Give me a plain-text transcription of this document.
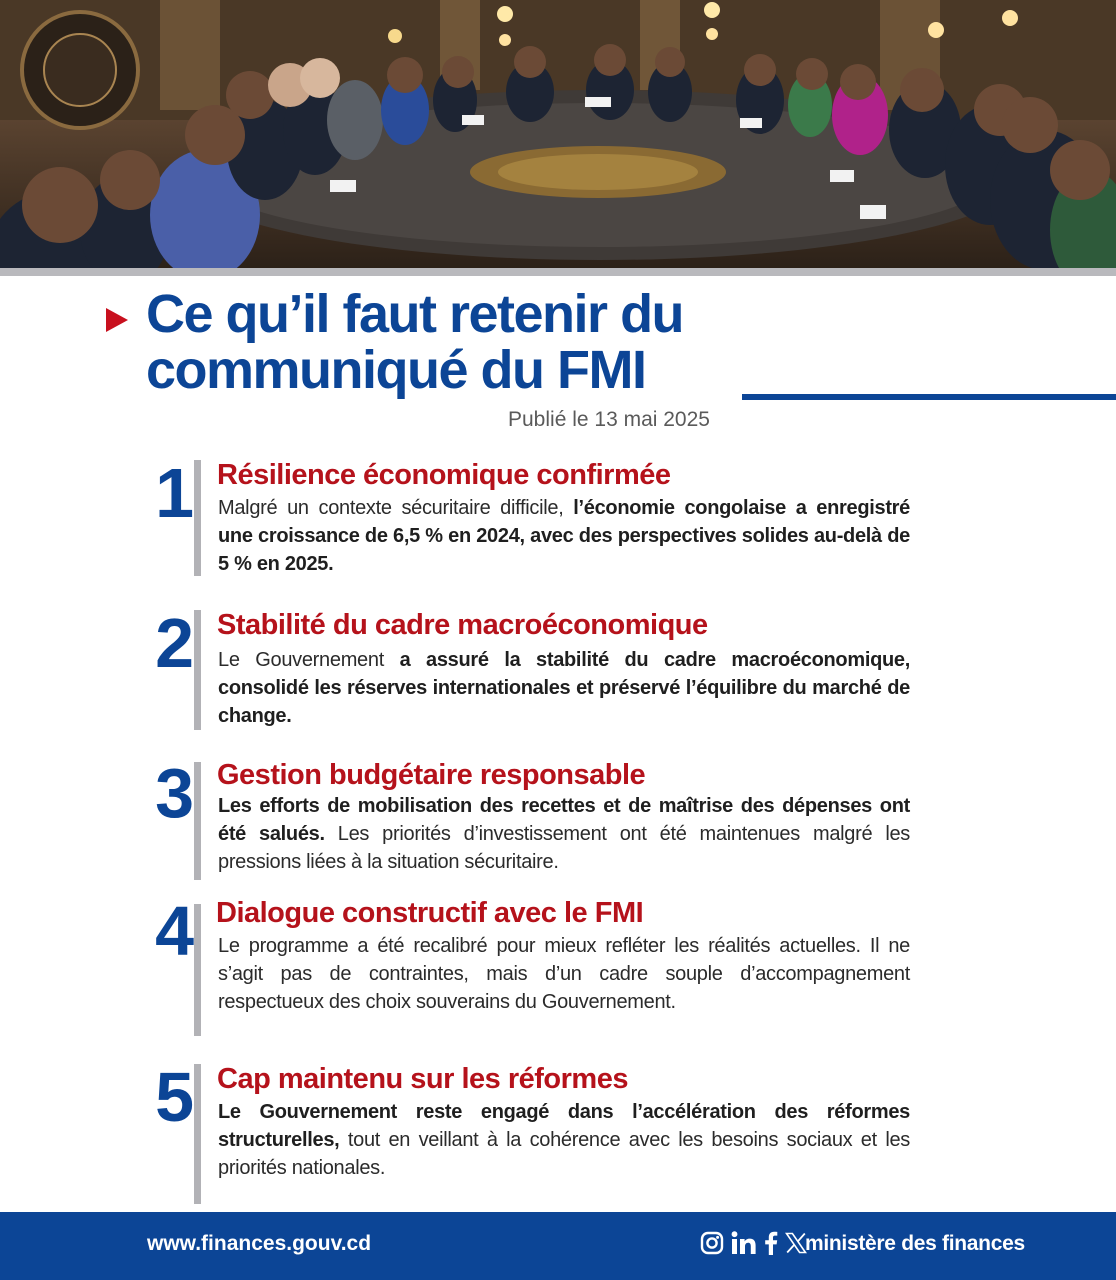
Ce qu’il faut retenir du
communiqué du FMI
Publié le 13 mai 2025
1 Résilience économique confirmée
Malgré un contexte sécuritaire difficile, l’économie congolaise a enregistré une croissance de 6,5 % en 2024, avec des perspectives solides au-delà de 5 % en 2025.
2 Stabilité du cadre macroéconomique
Le Gouvernement a assuré la stabilité du cadre macroéconomique, consolidé les réserves internationales et préservé l’équilibre du marché de change.
3 Gestion budgétaire responsable
Les efforts de mobilisation des recettes et de maîtrise des dépenses ont été salués. Les priorités d’investissement ont été maintenues malgré les pressions liées à la situation sécuritaire.
4 Dialogue constructif avec le FMI
Le programme a été recalibré pour mieux refléter les réalités actuelles. Il ne s’agit pas de contraintes, mais d’un cadre souple d’accompagnement respectueux des choix souverains du Gouvernement.
5 Cap maintenu sur les réformes
Le Gouvernement reste engagé dans l’accélération des réformes structurelles, tout en veillant à la cohérence avec les besoins sociaux et les priorités nationales.
www.finances.gouv.cd	ministère des finances
